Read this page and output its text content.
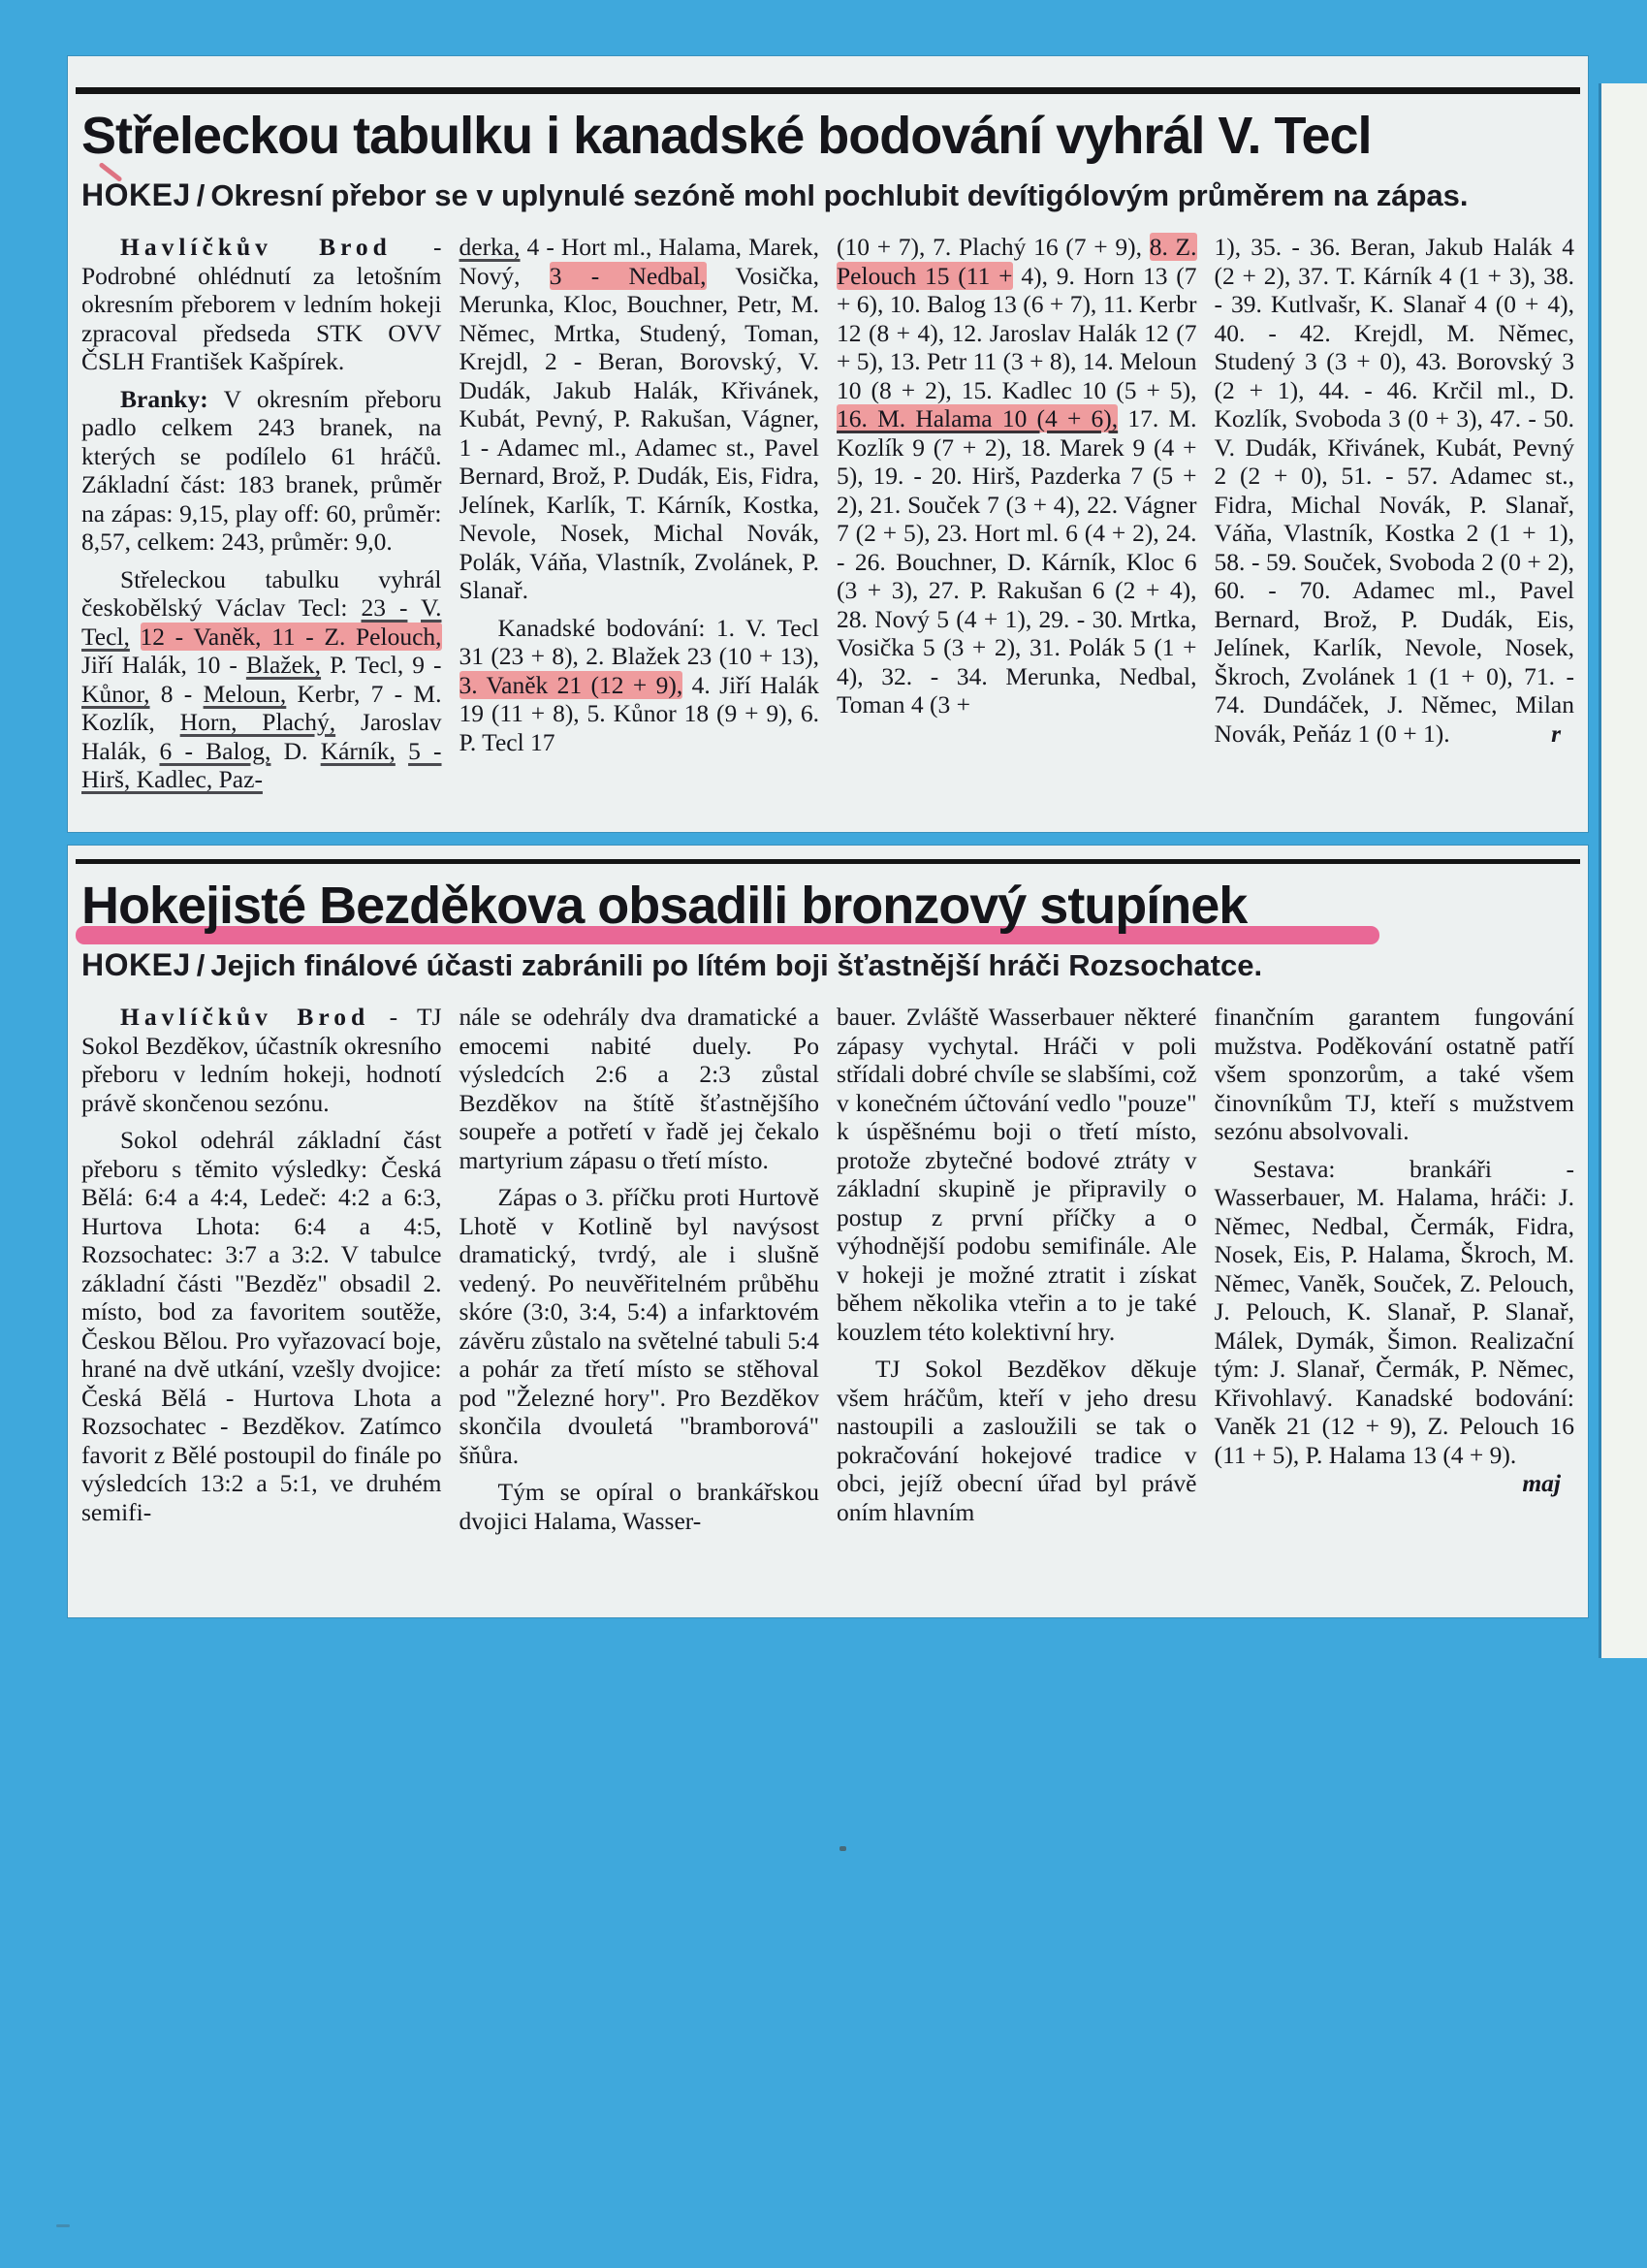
Střeleckou tabulku i kanadské bodování vyhrál V. Tecl

HOKEJ / Okresní přebor se v uplynulé sezóně mohl pochlubit devítigólovým průměrem na zápas.

Havlíčkův Brod - Podrobné ohlédnutí za letošním okresním přeborem v ledním hokeji zpracoval předseda STK OVV ČSLH František Kašpírek.

Branky: V okresním přeboru padlo celkem 243 branek, na kterých se podílelo 61 hráčů. Základní část: 183 branek, průměr na zápas: 9,15, play off: 60, průměr: 8,57, celkem: 243, průměr: 9,0.

Střeleckou tabulku vyhrál českobělský Václav Tecl: 23 - V. Tecl, 12 - Vaněk, 11 - Z. Pelouch, Jiří Halák, 10 - Blažek, P. Tecl, 9 - Kůnor, 8 - Meloun, Kerbr, 7 - M. Kozlík, Horn, Plachý, Jaroslav Halák, 6 - Balog, D. Kárník, 5 - Hirš, Kadlec, Paz-

derka, 4 - Hort ml., Halama, Marek, Nový, 3 - Nedbal, Vosička, Merunka, Kloc, Bouchner, Petr, M. Němec, Mrtka, Studený, Toman, Krejdl, 2 - Beran, Borovský, V. Dudák, Jakub Halák, Křivánek, Kubát, Pevný, P. Rakušan, Vágner, 1 - Adamec ml., Adamec st., Pavel Bernard, Brož, P. Dudák, Eis, Fidra, Jelínek, Karlík, T. Kárník, Kostka, Nevole, Nosek, Michal Novák, Polák, Váňa, Vlastník, Zvolánek, P. Slanař.

Kanadské bodování: 1. V. Tecl 31 (23 + 8), 2. Blažek 23 (10 + 13), 3. Vaněk 21 (12 + 9), 4. Jiří Halák 19 (11 + 8), 5. Kůnor 18 (9 + 9), 6. P. Tecl 17

(10 + 7), 7. Plachý 16 (7 + 9), 8. Z. Pelouch 15 (11 + 4), 9. Horn 13 (7 + 6), 10. Balog 13 (6 + 7), 11. Kerbr 12 (8 + 4), 12. Jaroslav Halák 12 (7 + 5), 13. Petr 11 (3 + 8), 14. Meloun 10 (8 + 2), 15. Kadlec 10 (5 + 5), 16. M. Halama 10 (4 + 6), 17. M. Kozlík 9 (7 + 2), 18. Marek 9 (4 + 5), 19. - 20. Hirš, Pazderka 7 (5 + 2), 21. Souček 7 (3 + 4), 22. Vágner 7 (2 + 5), 23. Hort ml. 6 (4 + 2), 24. - 26. Bouchner, D. Kárník, Kloc 6 (3 + 3), 27. P. Rakušan 6 (2 + 4), 28. Nový 5 (4 + 1), 29. - 30. Mrtka, Vosička 5 (3 + 2), 31. Polák 5 (1 + 4), 32. - 34. Merunka, Nedbal, Toman 4 (3 +

1), 35. - 36. Beran, Jakub Halák 4 (2 + 2), 37. T. Kárník 4 (1 + 3), 38. - 39. Kutlvašr, K. Slanař 4 (0 + 4), 40. - 42. Krejdl, M. Němec, Studený 3 (3 + 0), 43. Borovský 3 (2 + 1), 44. - 46. Krčil ml., D. Kozlík, Svoboda 3 (0 + 3), 47. - 50. V. Dudák, Křivánek, Kubát, Pevný 2 (2 + 0), 51. - 57. Adamec st., Fidra, Michal Novák, P. Slanař, Váňa, Vlastník, Kostka 2 (1 + 1), 58. - 59. Souček, Svoboda 2 (0 + 2), 60. - 70. Adamec ml., Pavel Bernard, Brož, P. Dudák, Eis, Jelínek, Karlík, Nevole, Nosek, Škroch, Zvolánek 1 (1 + 0), 71. - 74. Dundáček, J. Němec, Milan Novák, Peňáz 1 (0 + 1).	r

Hokejisté Bezděkova obsadili bronzový stupínek

HOKEJ / Jejich finálové účasti zabránili po lítém boji šťastnější hráči Rozsochatce.

Havlíčkův Brod - TJ Sokol Bezděkov, účastník okresního přeboru v ledním hokeji, hodnotí právě skončenou sezónu.

Sokol odehrál základní část přeboru s těmito výsledky: Česká Bělá: 6:4 a 4:4, Ledeč: 4:2 a 6:3, Hurtova Lhota: 6:4 a 4:5, Rozsochatec: 3:7 a 3:2. V tabulce základní části "Bezděz" obsadil 2. místo, bod za favoritem soutěže, Českou Bělou. Pro vyřazovací boje, hrané na dvě utkání, vzešly dvojice: Česká Bělá - Hurtova Lhota a Rozsochatec - Bezděkov. Zatímco favorit z Bělé postoupil do finále po výsledcích 13:2 a 5:1, ve druhém semifi-

nále se odehrály dva dramatické a emocemi nabité duely. Po výsledcích 2:6 a 2:3 zůstal Bezděkov na štítě šťastnějšího soupeře a potřetí v řadě jej čekalo martyrium zápasu o třetí místo.

Zápas o 3. příčku proti Hurtově Lhotě v Kotlině byl navýsost dramatický, tvrdý, ale i slušně vedený. Po neuvěřitelném průběhu skóre (3:0, 3:4, 5:4) a infarktovém závěru zůstalo na světelné tabuli 5:4 a pohár za třetí místo se stěhoval pod "Železné hory". Pro Bezděkov skončila dvouletá "bramborová" šňůra.

Tým se opíral o brankářskou dvojici Halama, Wasser-

bauer. Zvláště Wasserbauer některé zápasy vychytal. Hráči v poli střídali dobré chvíle se slabšími, což v konečném účtování vedlo "pouze" k úspěšnému boji o třetí místo, protože zbytečné bodové ztráty v základní skupině je připravily o postup z první příčky a o výhodnější podobu semifinále. Ale v hokeji je možné ztratit i získat během několika vteřin a to je také kouzlem této kolektivní hry.

TJ Sokol Bezděkov děkuje všem hráčům, kteří v jeho dresu nastoupili a zasloužili se tak o pokračování hokejové tradice v obci, jejíž obecní úřad byl právě oním hlavním

finančním garantem fungování mužstva. Poděkování ostatně patří všem sponzorům, a také všem činovníkům TJ, kteří s mužstvem sezónu absolvovali.

Sestava: brankáři - Wasserbauer, M. Halama, hráči: J. Němec, Nedbal, Čermák, Fidra, Nosek, Eis, P. Halama, Škroch, M. Němec, Vaněk, Souček, Z. Pelouch, J. Pelouch, K. Slanař, P. Slanař, Málek, Dymák, Šimon. Realizační tým: J. Slanař, Čermák, P. Němec, Křivohlavý. Kanadské bodování: Vaněk 21 (12 + 9), Z. Pelouch 16 (11 + 5), P. Halama 13 (4 + 9).
maj
